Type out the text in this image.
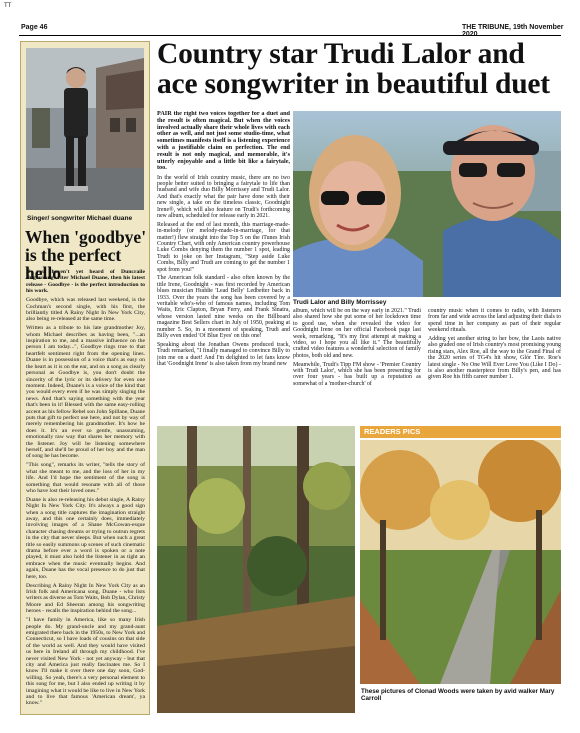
TT
Page 46	THE TRIBUNE, 19th November
Singer/ songwriter Michael duane
When 'goodbye' is the perfect hello

If you haven't yet heard of Duncraile singer/songwriter Michael Duane, then his latest release - Goodbye - is the perfect introduction to his work.

Goodbye, which was released last weekend, is the Cochman's second single, with his first, the brilliantly titled A Rainy Night In New York City, also being re-released at the same time.

Written as a tribute to his late grandmother Joy, whom Michael describes as having been, "...an inspiration to me, and a massive influence on the person I am today...", Goodbye rings true to that heartfelt sentiment right from the opening lines. Duane is in possession of a voice that's as easy on the heart as it is on the ear, and on a song as clearly personal as Goodbye is, you don't doubt the sincerity of the lyric or its delivery for even one moment. Indeed, Duane's is a voice of the kind that you would every even if he was simply singing the news. And that's saying something with the year that's been in it! Blessed with the same easy-rolling accent as his fellow Rebel son John Spillane, Duane puts that gift to perfect use here, and not by way of merely remembering his grandmother. It's how he does it. It's an ever so gentle, unassuming, emotionally raw way that shares her memory with the listener. Joy will be listening somewhere herself, and she'll be proud of her boy and the man of song he has become.

"This song", remarks its writer, "tells the story of what she meant to me, and the loss of her in my life. And I'd hope the sentiment of the song is something that would resonate with all of those who have lost their loved ones."

Duane is also re-releasing his debut single, A Rainy Night In New York City. It's always a good sign when a song title captures the imagination straight away, and this one certainly does, immediately involving images of a Shane McGowan-esque character chasing dreams or trying to outrun regrets in the city that never sleeps. But when such a great title so easily summons up scenes of such cinematic drama before ever a word is spoken or a note played, it must also hold the listener in as tight an embrace when the music eventually begins. And again, Duane has the vocal presence to do just that here, too.

Describing A Rainy Night In New York City as an Irish folk and Americana song, Duane - who lists writers as diverse as Tom Waits, Bob Dylan, Christy Moore and Ed Sheeran among his songwriting heroes - recalls the inspiration behind the song...

"I have family in America, like so many Irish people do. My grand-uncle and my grand-aunt emigrated there back in the 1950s, to New York and Connecticut, so I have loads of cousins on that side of the world as well. And they would have visited us here in Ireland all through my childhood. I've never visited New York - not yet anyway - but that city and America just really fascinates me. So I know I'll make it over there one day soon, God-willing. So yeah, there's a very personal element to this song for me, but I also ended up writing it by imagining what it would be like to live in New York and to live that famous 'American dream', ya know."

Country star Trudi Lalor and ace songwriter in beautiful duet

PAIR the right two voices together for a duet and the result is often magical. But when the voices involved actually share their whole lives with each other as well, and not just some studio-time, what sometimes manifests itself is a listening experience with a justifiable claim on perfection. The end result is not only magical, and memorable, it's utterly enjoyable and a little bit like a fairytale, too.

In the world of Irish country music, there are no two people better suited to bringing a fairytale to life than husband and wife duo Billy Morrissey and Trudi Lalor. And that's exactly what the pair have done with their new single, a take on the timeless classic, Goodnight Irene®, which will also feature on Trudi's forthcoming new album, scheduled for release early in 2021.

Released at the end of last month, this marriage-made-in-melody (or melody-made-in-marriage, for that matter!) flew straight into the Top 5 on the iTunes Irish Country Chart, with only American country powerhouse Luke Combs denying them the number 1 spot, leading Trudi to joke on her Instagram, "Step aside Luke Combs, Billy and Trudi are coming to get the number 1 spot from you!"

The American folk standard - also often known by the title Irene, Goodnight - was first recorded by American blues musician Huddie 'Lead Belly' Ledbetter back in 1933. Over the years the song has been covered by a veritable who's-who of famous names, including Tom Waits, Eric Clapton, Bryan Ferry, and Frank Sinatra, whose version lasted nine weeks on the Billboard magazine Best Sellers chart in July of 1950, peaking at number 5. So, in a mooment of speaking, Trudi and Billy even ended 'Of Blue Eyes' on this one!

Speaking about the Jonathan Owens produced track, Trudi remarked, "I finally managed to convince Billy to join me on a duet! And I'm delighted to let fans know that 'Goodnight Irene' is also taken from my brand new

Trudi Lalor and Billy Morrissey

album, which will be on the way early in 2021." Trudi also shared how she put some of her lockdown time to good use, when she revealed the video for Goodnight Irene on her official Facebook page last week, remarking, "It's my first attempt at making a video, so I hope you all like it." The beautifully crafted video features a wonderful selection of family photos, both old and new.

Meanwhile, Trudi's Tipp FM show - 'Premier Country with Trudi Lalor', which she has been presenting for over four years - has built up a reputation as somewhat of a 'mother-church' of

country music when it comes to radio, with listeners from far and wide across the land adjusting their dials to spend time in her company as part of their regular weekend rituals.

Adding yet another string to her bow, the Laois native also graded one of Irish country's most promising young rising stars, Alex Roe, all the way to the Grand Final of the 2020 series of TG4's hit show, Glór Tíre. Roe's latest single - No One Will Ever Love You (Like I Do) - is also another masterpiece from Billy's pen, and has given Roe his fifth career number 1.

READERS PICS
These pictures of Clonad Woods were taken by avid walker Mary Carroll
